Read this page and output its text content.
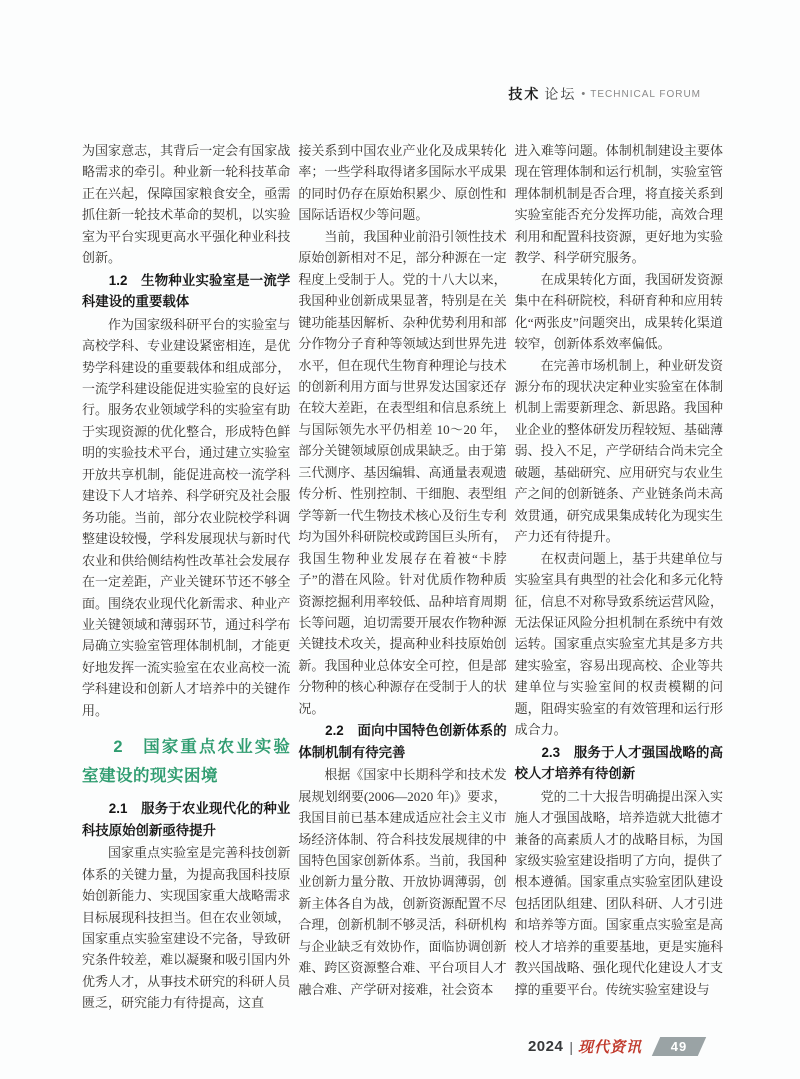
技术 论坛 • TECHNICAL FORUM

为国家意志，其背后一定会有国家战略需求的牵引。种业新一轮科技革命正在兴起，保障国家粮食安全，亟需抓住新一轮技术革命的契机，以实验室为平台实现更高水平强化种业科技创新。

1.2　生物种业实验室是一流学科建设的重要载体

作为国家级科研平台的实验室与高校学科、专业建设紧密相连，是优势学科建设的重要载体和组成部分，一流学科建设能促进实验室的良好运行。服务农业领域学科的实验室有助于实现资源的优化整合，形成特色鲜明的实验技术平台，通过建立实验室开放共享机制，能促进高校一流学科建设下人才培养、科学研究及社会服务功能。当前，部分农业院校学科调整建设较慢，学科发展现状与新时代农业和供给侧结构性改革社会发展存在一定差距，产业关键环节还不够全面。围绕农业现代化新需求、种业产业关键领域和薄弱环节，通过科学布局确立实验室管理体制机制，才能更好地发挥一流实验室在农业高校一流学科建设和创新人才培养中的关键作用。

2　国家重点农业实验室建设的现实困境
2.1　服务于农业现代化的种业科技原始创新亟待提升

国家重点实验室是完善科技创新体系的关键力量，为提高我国科技原始创新能力、实现国家重大战略需求目标展现科技担当。但在农业领域，国家重点实验室建设不完备，导致研究条件较差，难以凝聚和吸引国内外优秀人才，从事技术研究的科研人员匮乏，研究能力有待提高，这直

接关系到中国农业产业化及成果转化率；一些学科取得诸多国际水平成果的同时仍存在原始积累少、原创性和国际话语权少等问题。

当前，我国种业前沿引领性技术原始创新相对不足，部分种源在一定程度上受制于人。党的十八大以来，我国种业创新成果显著，特别是在关键功能基因解析、杂种优势利用和部分作物分子育种等领域达到世界先进水平，但在现代生物育种理论与技术的创新利用方面与世界发达国家还存在较大差距，在表型组和信息系统上与国际领先水平仍相差 10～20 年，部分关键领域原创成果缺乏。由于第三代测序、基因编辑、高通量表观遗传分析、性别控制、干细胞、表型组学等新一代生物技术核心及衍生专利均为国外科研院校或跨国巨头所有，我国生物种业发展存在着被“卡脖子”的潜在风险。针对优质作物种质资源挖掘利用率较低、品种培育周期长等问题，迫切需要开展农作物种源关键技术攻关，提高种业科技原始创新。我国种业总体安全可控，但是部分物种的核心种源存在受制于人的状况。

2.2　面向中国特色创新体系的体制机制有待完善

根据《国家中长期科学和技术发展规划纲要(2006—2020 年)》要求，我国目前已基本建成适应社会主义市场经济体制、符合科技发展规律的中国特色国家创新体系。当前，我国种业创新力量分散、开放协调薄弱，创新主体各自为战，创新资源配置不尽合理，创新机制不够灵活，科研机构与企业缺乏有效协作，面临协调创新难、跨区资源整合难、平台项目人才融合难、产学研对接难，社会资本

进入难等问题。体制机制建设主要体现在管理体制和运行机制，实验室管理体制机制是否合理，将直接关系到实验室能否充分发挥功能，高效合理利用和配置科技资源，更好地为实验教学、科学研究服务。

在成果转化方面，我国研发资源集中在科研院校，科研育种和应用转化“两张皮”问题突出，成果转化渠道较窄，创新体系效率偏低。

在完善市场机制上，种业研发资源分布的现状决定种业实验室在体制机制上需要新理念、新思路。我国种业企业的整体研发历程较短、基础薄弱、投入不足，产学研结合尚未完全破题，基础研究、应用研究与农业生产之间的创新链条、产业链条尚未高效贯通，研究成果集成转化为现实生产力还有待提升。

在权责问题上，基于共建单位与实验室具有典型的社会化和多元化特征，信息不对称导致系统运营风险，无法保证风险分担机制在系统中有效运转。国家重点实验室尤其是多方共建实验室，容易出现高校、企业等共建单位与实验室间的权责模糊的问题，阻碍实验室的有效管理和运行形成合力。

2.3　服务于人才强国战略的高校人才培养有待创新

党的二十大报告明确提出深入实施人才强国战略，培养造就大批德才兼备的高素质人才的战略目标，为国家级实验室建设指明了方向，提供了根本遵循。国家重点实验室团队建设包括团队组建、团队科研、人才引进和培养等方面。国家重点实验室是高校人才培养的重要基地，更是实施科教兴国战略、强化现代化建设人才支撑的重要平台。传统实验室建设与

2024 | 现代资讯	49
